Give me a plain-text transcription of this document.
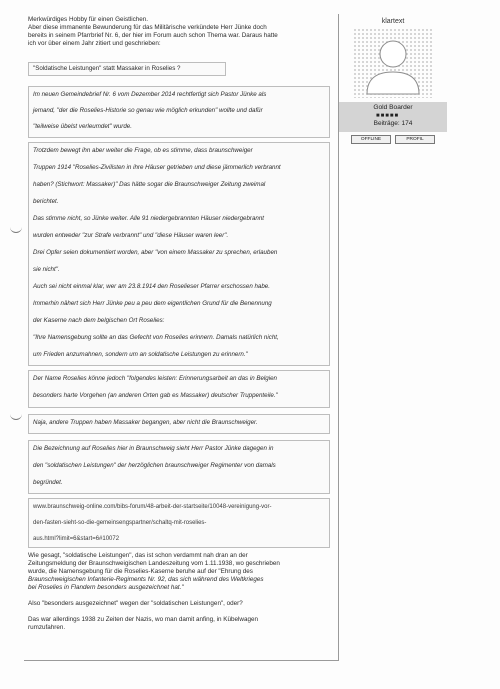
Merkwürdiges Hobby für einen Geistlichen.
Aber diese immanente Bewunderung für das Militärische verkündete Herr Jünke doch
bereits in seinem Pfarrbrief Nr. 6, der hier im Forum auch schon Thema war. Daraus hatte
ich vor über einem Jahr zitiert und geschrieben:
"Soldatische Leistungen" statt Massaker in Roselies ?
Im neuen Gemeindebrief Nr. 6 vom Dezember 2014 rechtfertigt sich Pastor Jünke als
jemand, "der die Roselies-Historie so genau wie möglich erkunden" wollte und dafür
"teilweise übelst verleumdet" wurde.
Trotzdem bewegt ihn aber weiter die Frage, ob es stimme, dass braunschweiger
Truppen 1914 "Roselies-Zivilisten in ihre Häuser getrieben und diese jämmerlich verbrannt
haben? (Stichwort: Massaker)" Das hätte sogar die Braunschweiger Zeitung zweimal
berichtet.
Das stimme nicht, so Jünke weiter. Alle 91 niedergebrannten Häuser niedergebrannt
wurden entweder "zur Strafe verbrannt" und "diese Häuser waren leer".
Drei Opfer seien dokumentiert worden, aber "von einem Massaker zu sprechen, erlauben
sie nicht".
Auch sei nicht einmal klar, wer am 23.8.1914 den Roselieser Pfarrer erschossen habe.
Immerhin nähert sich Herr Jünke peu a peu dem eigentlichen Grund für die Benennung
der Kaserne nach dem belgischen Ort Roselies:
"Ihre Namensgebung sollte an das Gefecht von Roselies erinnern. Damals natürlich nicht,
um Frieden anzumahnen, sondern um an soldatische Leistungen zu erinnern."
Der Name Roselies könne jedoch "folgendes leisten: Erinnerungsarbeit an das in Belgien
besonders harte Vorgehen (an anderen Orten gab es Massaker) deutscher Truppenteile."
Naja, andere Truppen haben Massaker begangen, aber nicht die Braunschweiger.
Die Bezeichnung auf Roselies hier in Braunschweig sieht Herr Pastor Jünke dagegen in
den "soldatischen Leistungen" der herzöglichen braunschweiger Regimenter von damals
begründet.
www.braunschweig-online.com/bibs-forum/48-arbeit-der-startseite/10048-vereinigung-vor-
den-fasten-sieht-so-die-gemeinsengspartner/schaltq-mit-roselies-
aus.html?limit=6&start=6#10072
Wie gesagt, "soldatische Leistungen", das ist schon verdammt nah dran an der
Zeitungsmeldung der Braunschweigischen Landeszeitung vom 1.11.1938, wo geschrieben
wurde, die Namensgebung für die Roselies-Kaserne beruhe auf der "Ehrung des
Braunschweigischen Infanterie-Regiments Nr. 92, das sich während des Weltkrieges
bei Roselies in Flandern besonders ausgezeichnet hat."
Also "besonders ausgezeichnet" wegen der "soldatischen Leistungen", oder?
Das war allerdings 1938 zu Zeiten der Nazis, wo man damit anfing, in Kübelwagen
rumzufahren.
klartext
Gold Boarder
■■■■■
Beiträge: 174
OFFLINE	PROFIL
